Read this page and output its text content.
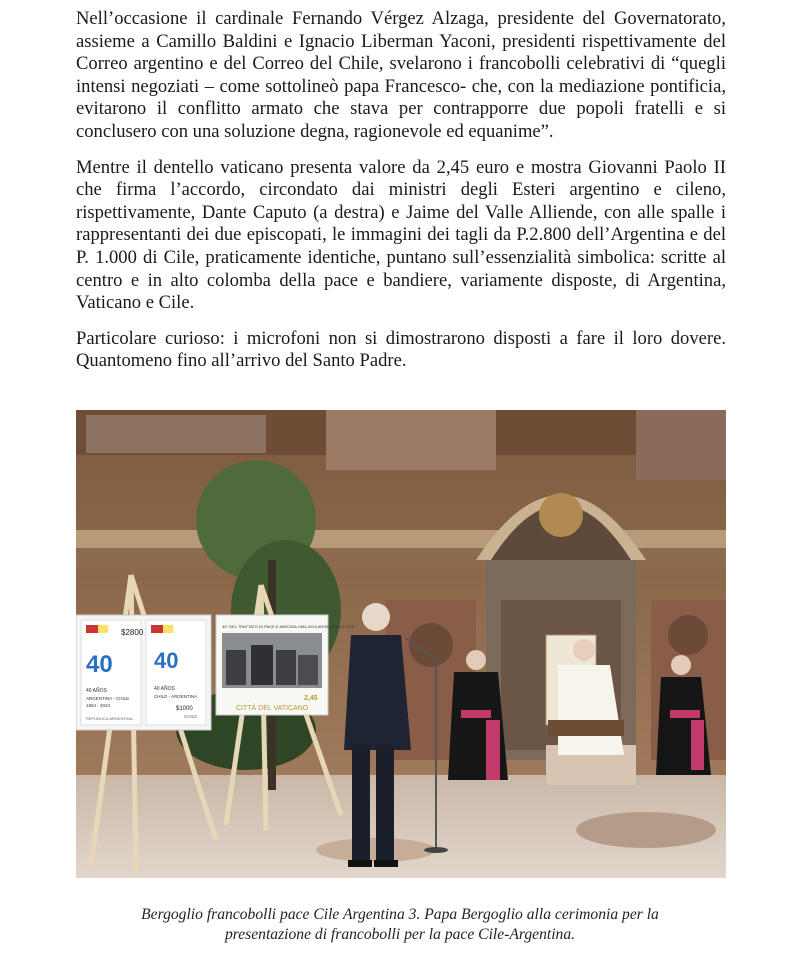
Nell’occasione il cardinale Fernando Vérgez Alzaga, presidente del Governatorato, assieme a Camillo Baldini e Ignacio Liberman Yaconi, presidenti rispettivamente del Correo argentino e del Correo del Chile, svelarono i francobolli celebrativi di “quegli intensi negoziati – come sottolineò papa Francesco- che, con la mediazione pontificia, evitarono il conflitto armato che stava per contrapporre due popoli fratelli e si conclusero con una soluzione degna, ragionevole ed equanime”.

Mentre il dentello vaticano presenta valore da 2,45 euro e mostra Giovanni Paolo II che firma l’accordo, circondato dai ministri degli Esteri argentino e cileno, rispettivamente, Dante Caputo (a destra) e Jaime del Valle Alliende, con alle spalle i rappresentanti dei due episcopati, le immagini dei tagli da P.2.800 dell’Argentina e del P. 1.000 di Cile, praticamente identiche, puntano sull’essenzialità simbolica: scritte al centro e in alto colomba della pace e bandiere, variamente disposte, di Argentina, Vaticano e Cile.

Particolare curioso: i microfoni non si dimostrarono disposti a fare il loro dovere. Quantomeno fino all’arrivo del Santo Padre.

$2800
40
40 AÑOS
ARGENTINA - CHILE
1984 - 2024
REPÚBLICA ARGENTINA
40
40 AÑOS
CHILE - ARGENTINA
$1000
CHILE
40° DEL TRATTATO DI PACE E AMICIZIA 1984-2024 ARGENTINA E CILE
2,45
CITTÀ DEL VATICANO
Bergoglio francobolli pace Cile Argentina 3. Papa Bergoglio alla cerimonia per la
presentazione di francobolli per la pace Cile-Argentina.
